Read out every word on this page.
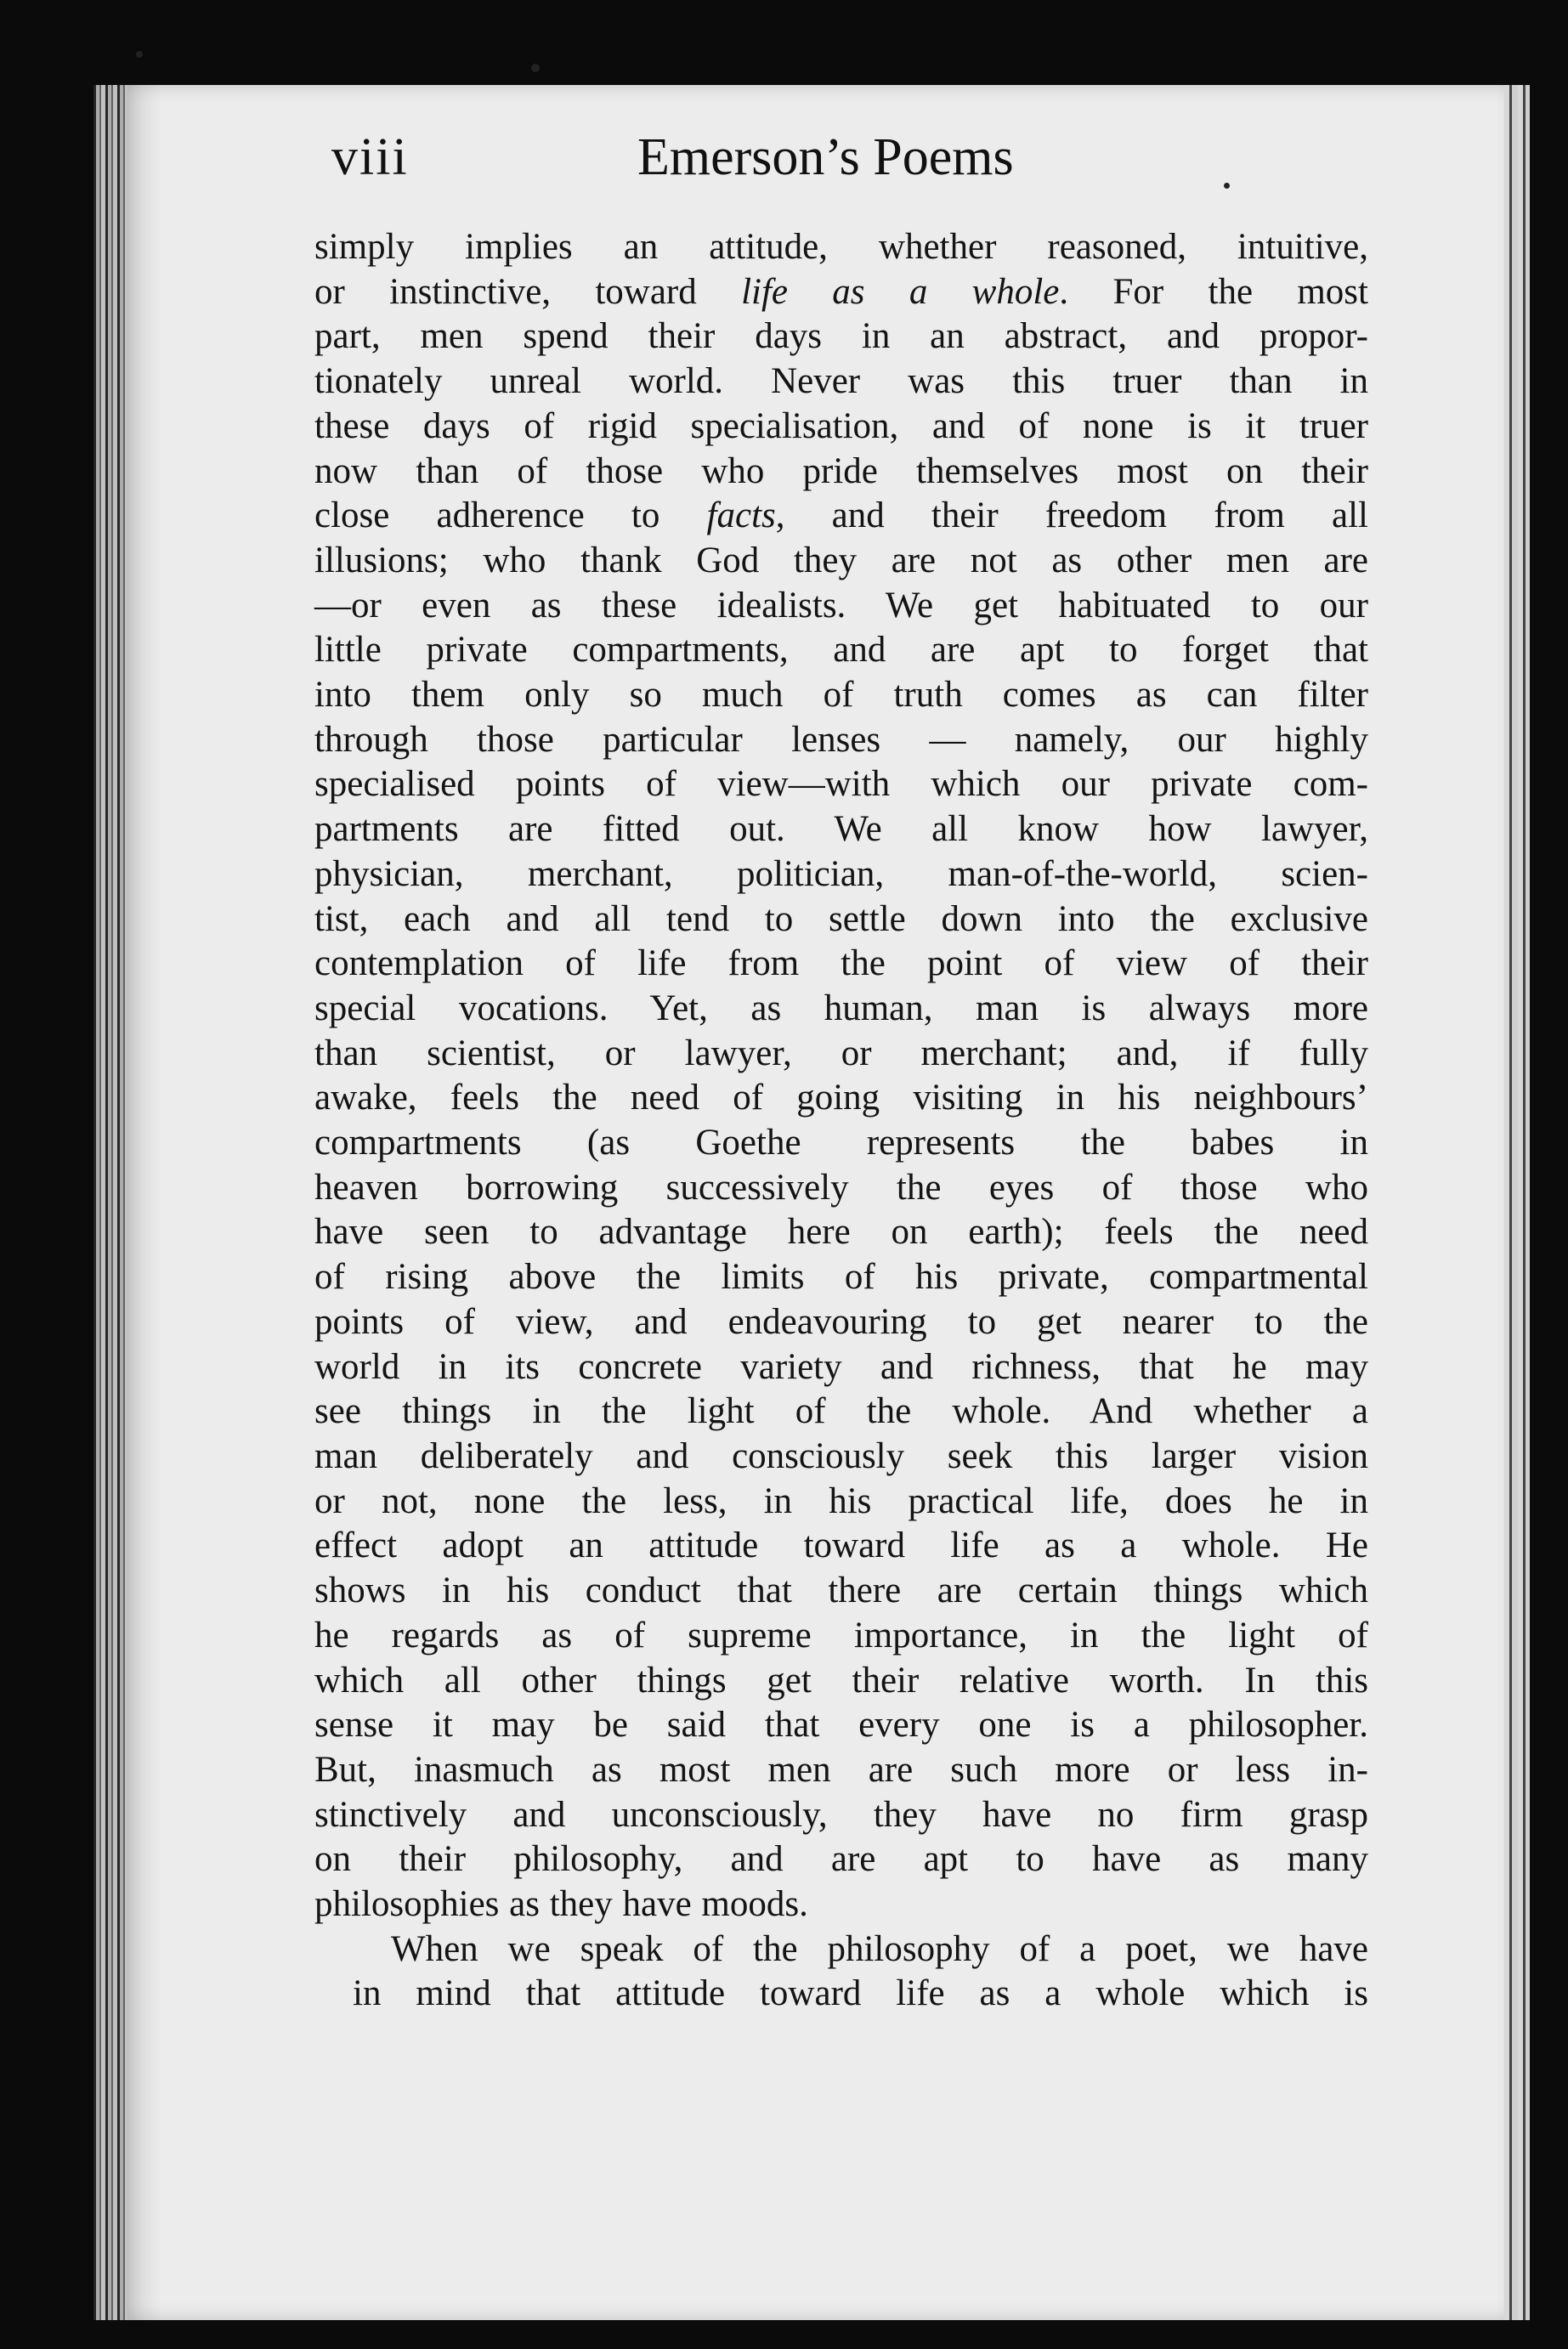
viii	Emerson’s Poems

simply implies an attitude, whether reasoned, intuitive,
or instinctive, toward life as a whole. For the most
part, men spend their days in an abstract, and propor-
tionately unreal world. Never was this truer than in
these days of rigid specialisation, and of none is it truer
now than of those who pride themselves most on their
close adherence to facts, and their freedom from all
illusions; who thank God they are not as other men are
—or even as these idealists. We get habituated to our
little private compartments, and are apt to forget that
into them only so much of truth comes as can filter
through those particular lenses — namely, our highly
specialised points of view—with which our private com-
partments are fitted out. We all know how lawyer,
physician, merchant, politician, man-of-the-world, scien-
tist, each and all tend to settle down into the exclusive
contemplation of life from the point of view of their
special vocations. Yet, as human, man is always more
than scientist, or lawyer, or merchant; and, if fully
awake, feels the need of going visiting in his neighbours’
compartments (as Goethe represents the babes in
heaven borrowing successively the eyes of those who
have seen to advantage here on earth); feels the need
of rising above the limits of his private, compartmental
points of view, and endeavouring to get nearer to the
world in its concrete variety and richness, that he may
see things in the light of the whole. And whether a
man deliberately and consciously seek this larger vision
or not, none the less, in his practical life, does he in
effect adopt an attitude toward life as a whole. He
shows in his conduct that there are certain things which
he regards as of supreme importance, in the light of
which all other things get their relative worth. In this
sense it may be said that every one is a philosopher.
But, inasmuch as most men are such more or less in-
stinctively and unconsciously, they have no firm grasp
on their philosophy, and are apt to have as many
philosophies as they have moods.

When we speak of the philosophy of a poet, we have
in mind that attitude toward life as a whole which is
